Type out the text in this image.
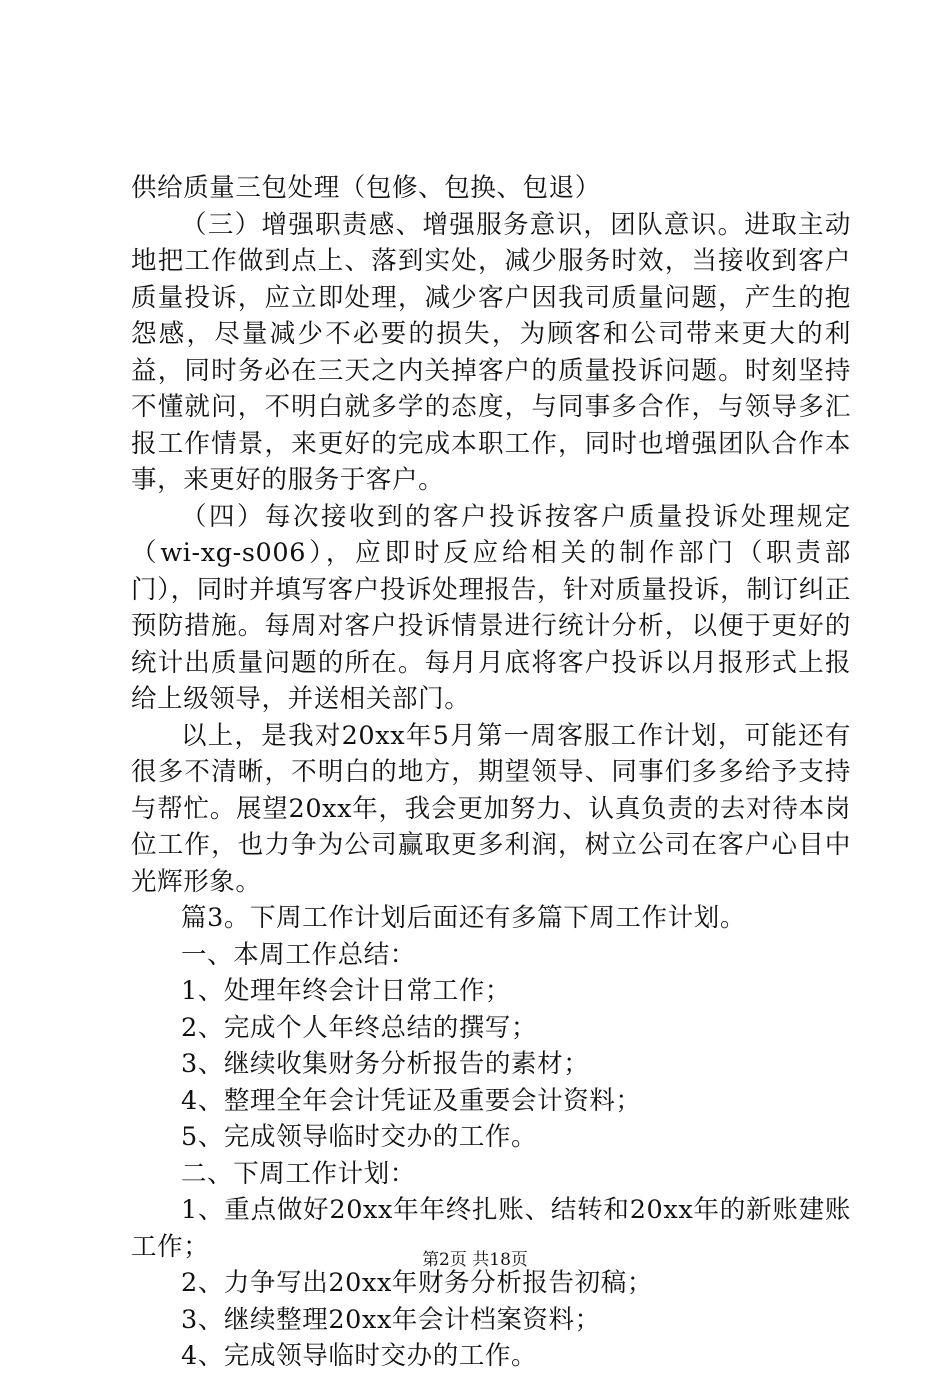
供给质量三包处理（包修、包换、包退）

（三）增强职责感、增强服务意识，团队意识。进取主动地把工作做到点上、落到实处，减少服务时效，当接收到客户质量投诉，应立即处理，减少客户因我司质量问题，产生的抱怨感，尽量减少不必要的损失，为顾客和公司带来更大的利益，同时务必在三天之内关掉客户的质量投诉问题。时刻坚持不懂就问，不明白就多学的态度，与同事多合作，与领导多汇报工作情景，来更好的完成本职工作，同时也增强团队合作本事，来更好的服务于客户。

（四）每次接收到的客户投诉按客户质量投诉处理规定（wi-xg-s006），应即时反应给相关的制作部门（职责部门），同时并填写客户投诉处理报告，针对质量投诉，制订纠正预防措施。每周对客户投诉情景进行统计分析，以便于更好的统计出质量问题的所在。每月月底将客户投诉以月报形式上报给上级领导，并送相关部门。

以上，是我对20xx年5月第一周客服工作计划，可能还有很多不清晰，不明白的地方，期望领导、同事们多多给予支持与帮忙。展望20xx年，我会更加努力、认真负责的去对待本岗位工作，也力争为公司赢取更多利润，树立公司在客户心目中光辉形象。

篇3。下周工作计划后面还有多篇下周工作计划。

一、本周工作总结：

1、处理年终会计日常工作；

2、完成个人年终总结的撰写；

3、继续收集财务分析报告的素材；

4、整理全年会计凭证及重要会计资料；

5、完成领导临时交办的工作。

二、下周工作计划：

1、重点做好20xx年年终扎账、结转和20xx年的新账建账工作；

2、力争写出20xx年财务分析报告初稿；

3、继续整理20xx年会计档案资料；

4、完成领导临时交办的工作。

第2页 共18页
